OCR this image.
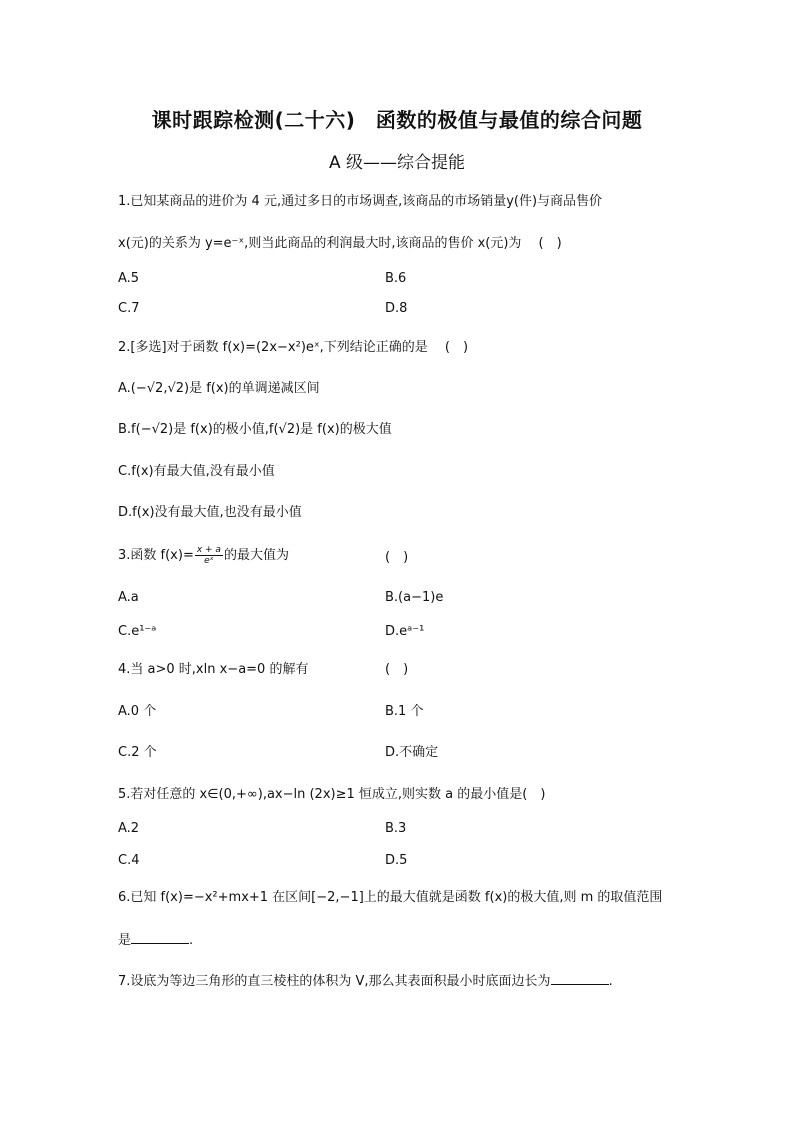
课时跟踪检测(二十六)　函数的极值与最值的综合问题
A 级——综合提能
1.已知某商品的进价为 4 元,通过多日的市场调查,该商品的市场销量y(件)与商品售价
x(元)的关系为 y=e⁻ˣ,则当此商品的利润最大时,该商品的售价 x(元)为　 (　)
A.5	B.6
C.7	D.8
2.[多选]对于函数 f(x)=(2x−x²)eˣ,下列结论正确的是　 (　)
A.(−√2,√2)是 f(x)的单调递减区间
B.f(−√2)是 f(x)的极小值,f(√2)是 f(x)的极大值
C.f(x)有最大值,没有最小值
D.f(x)没有最大值,也没有最小值
3.函数 $f(x)= \frac{x + a}{\text{eˣ}}$ 的最大值为	(　)
A.a	B.(a−1)e
C.e¹⁻ᵃ	D.eᵃ⁻¹
4.当 a>0 时,xln x−a=0 的解有	(　)
A.0 个	B.1 个
C.2 个	D.不确定
5.若对任意的 x∈(0,+∞),ax−ln (2x)≥1 恒成立,则实数 a 的最小值是(　)
A.2	B.3
C.4	D.5
6.已知 f(x)=−x²+mx+1 在区间[−2,−1]上的最大值就是函数 f(x)的极大值,则 m 的取值范围
是	.
7.设底为等边三角形的直三棱柱的体积为 V,那么其表面积最小时底面边长为	.
